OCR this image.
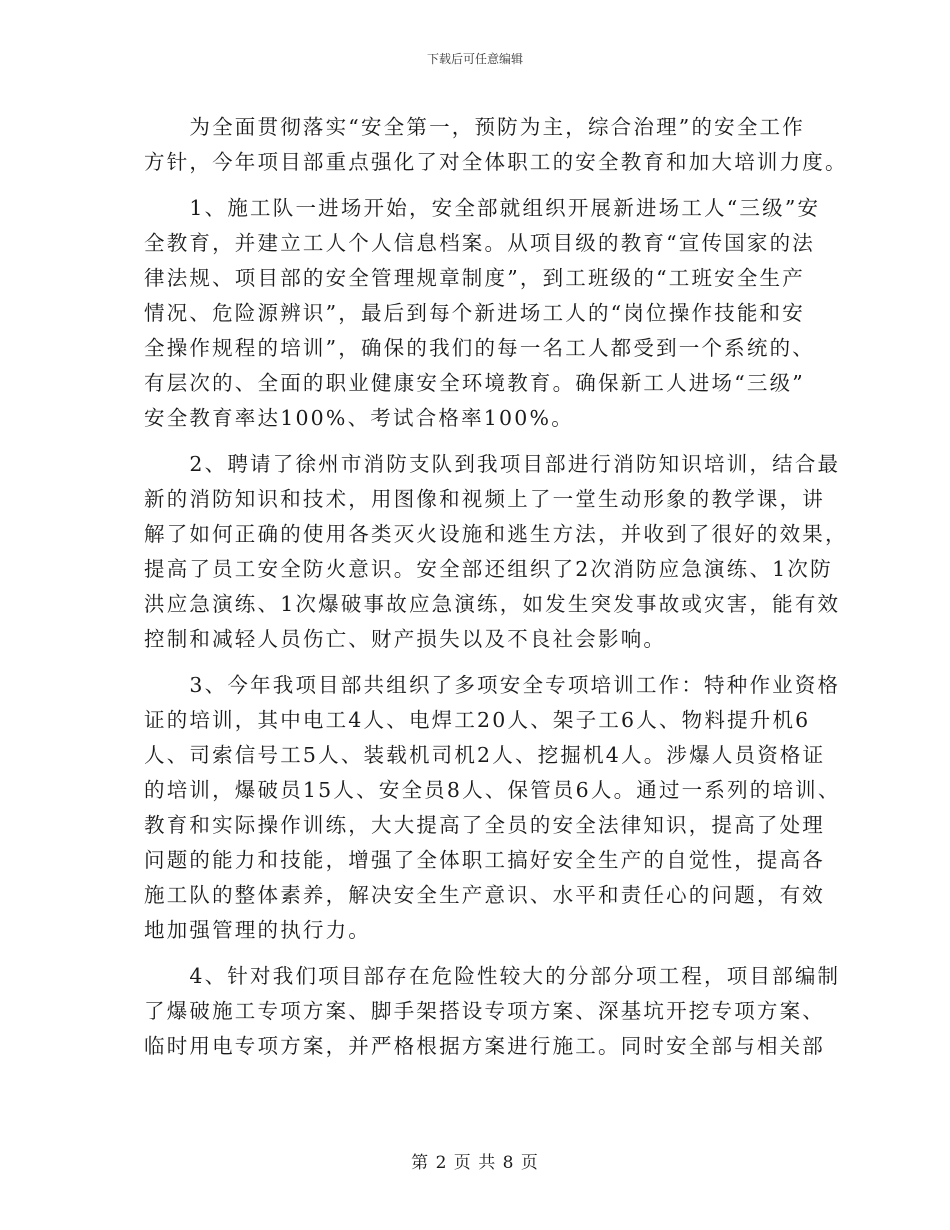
下载后可任意编辑

　　为全面贯彻落实“安全第一，预防为主，综合治理”的安全工作
方针，今年项目部重点强化了对全体职工的安全教育和加大培训力度。

　　1、施工队一进场开始，安全部就组织开展新进场工人“三级”安
全教育，并建立工人个人信息档案。从项目级的教育“宣传国家的法
律法规、项目部的安全管理规章制度”，到工班级的“工班安全生产
情况、危险源辨识”，最后到每个新进场工人的“岗位操作技能和安
全操作规程的培训”，确保的我们的每一名工人都受到一个系统的、
有层次的、全面的职业健康安全环境教育。确保新工人进场“三级”
安全教育率达100%、考试合格率100%。

　　2、聘请了徐州市消防支队到我项目部进行消防知识培训，结合最
新的消防知识和技术，用图像和视频上了一堂生动形象的教学课，讲
解了如何正确的使用各类灭火设施和逃生方法，并收到了很好的效果，
提高了员工安全防火意识。安全部还组织了2次消防应急演练、1次防
洪应急演练、1次爆破事故应急演练，如发生突发事故或灾害，能有效
控制和减轻人员伤亡、财产损失以及不良社会影响。

　　3、今年我项目部共组织了多项安全专项培训工作：特种作业资格
证的培训，其中电工4人、电焊工20人、架子工6人、物料提升机6
人、司索信号工5人、装载机司机2人、挖掘机4人。涉爆人员资格证
的培训，爆破员15人、安全员8人、保管员6人。通过一系列的培训、
教育和实际操作训练，大大提高了全员的安全法律知识，提高了处理
问题的能力和技能，增强了全体职工搞好安全生产的自觉性，提高各
施工队的整体素养，解决安全生产意识、水平和责任心的问题，有效
地加强管理的执行力。

　　4、针对我们项目部存在危险性较大的分部分项工程，项目部编制
了爆破施工专项方案、脚手架搭设专项方案、深基坑开挖专项方案、
临时用电专项方案，并严格根据方案进行施工。同时安全部与相关部

第 2 页 共 8 页
